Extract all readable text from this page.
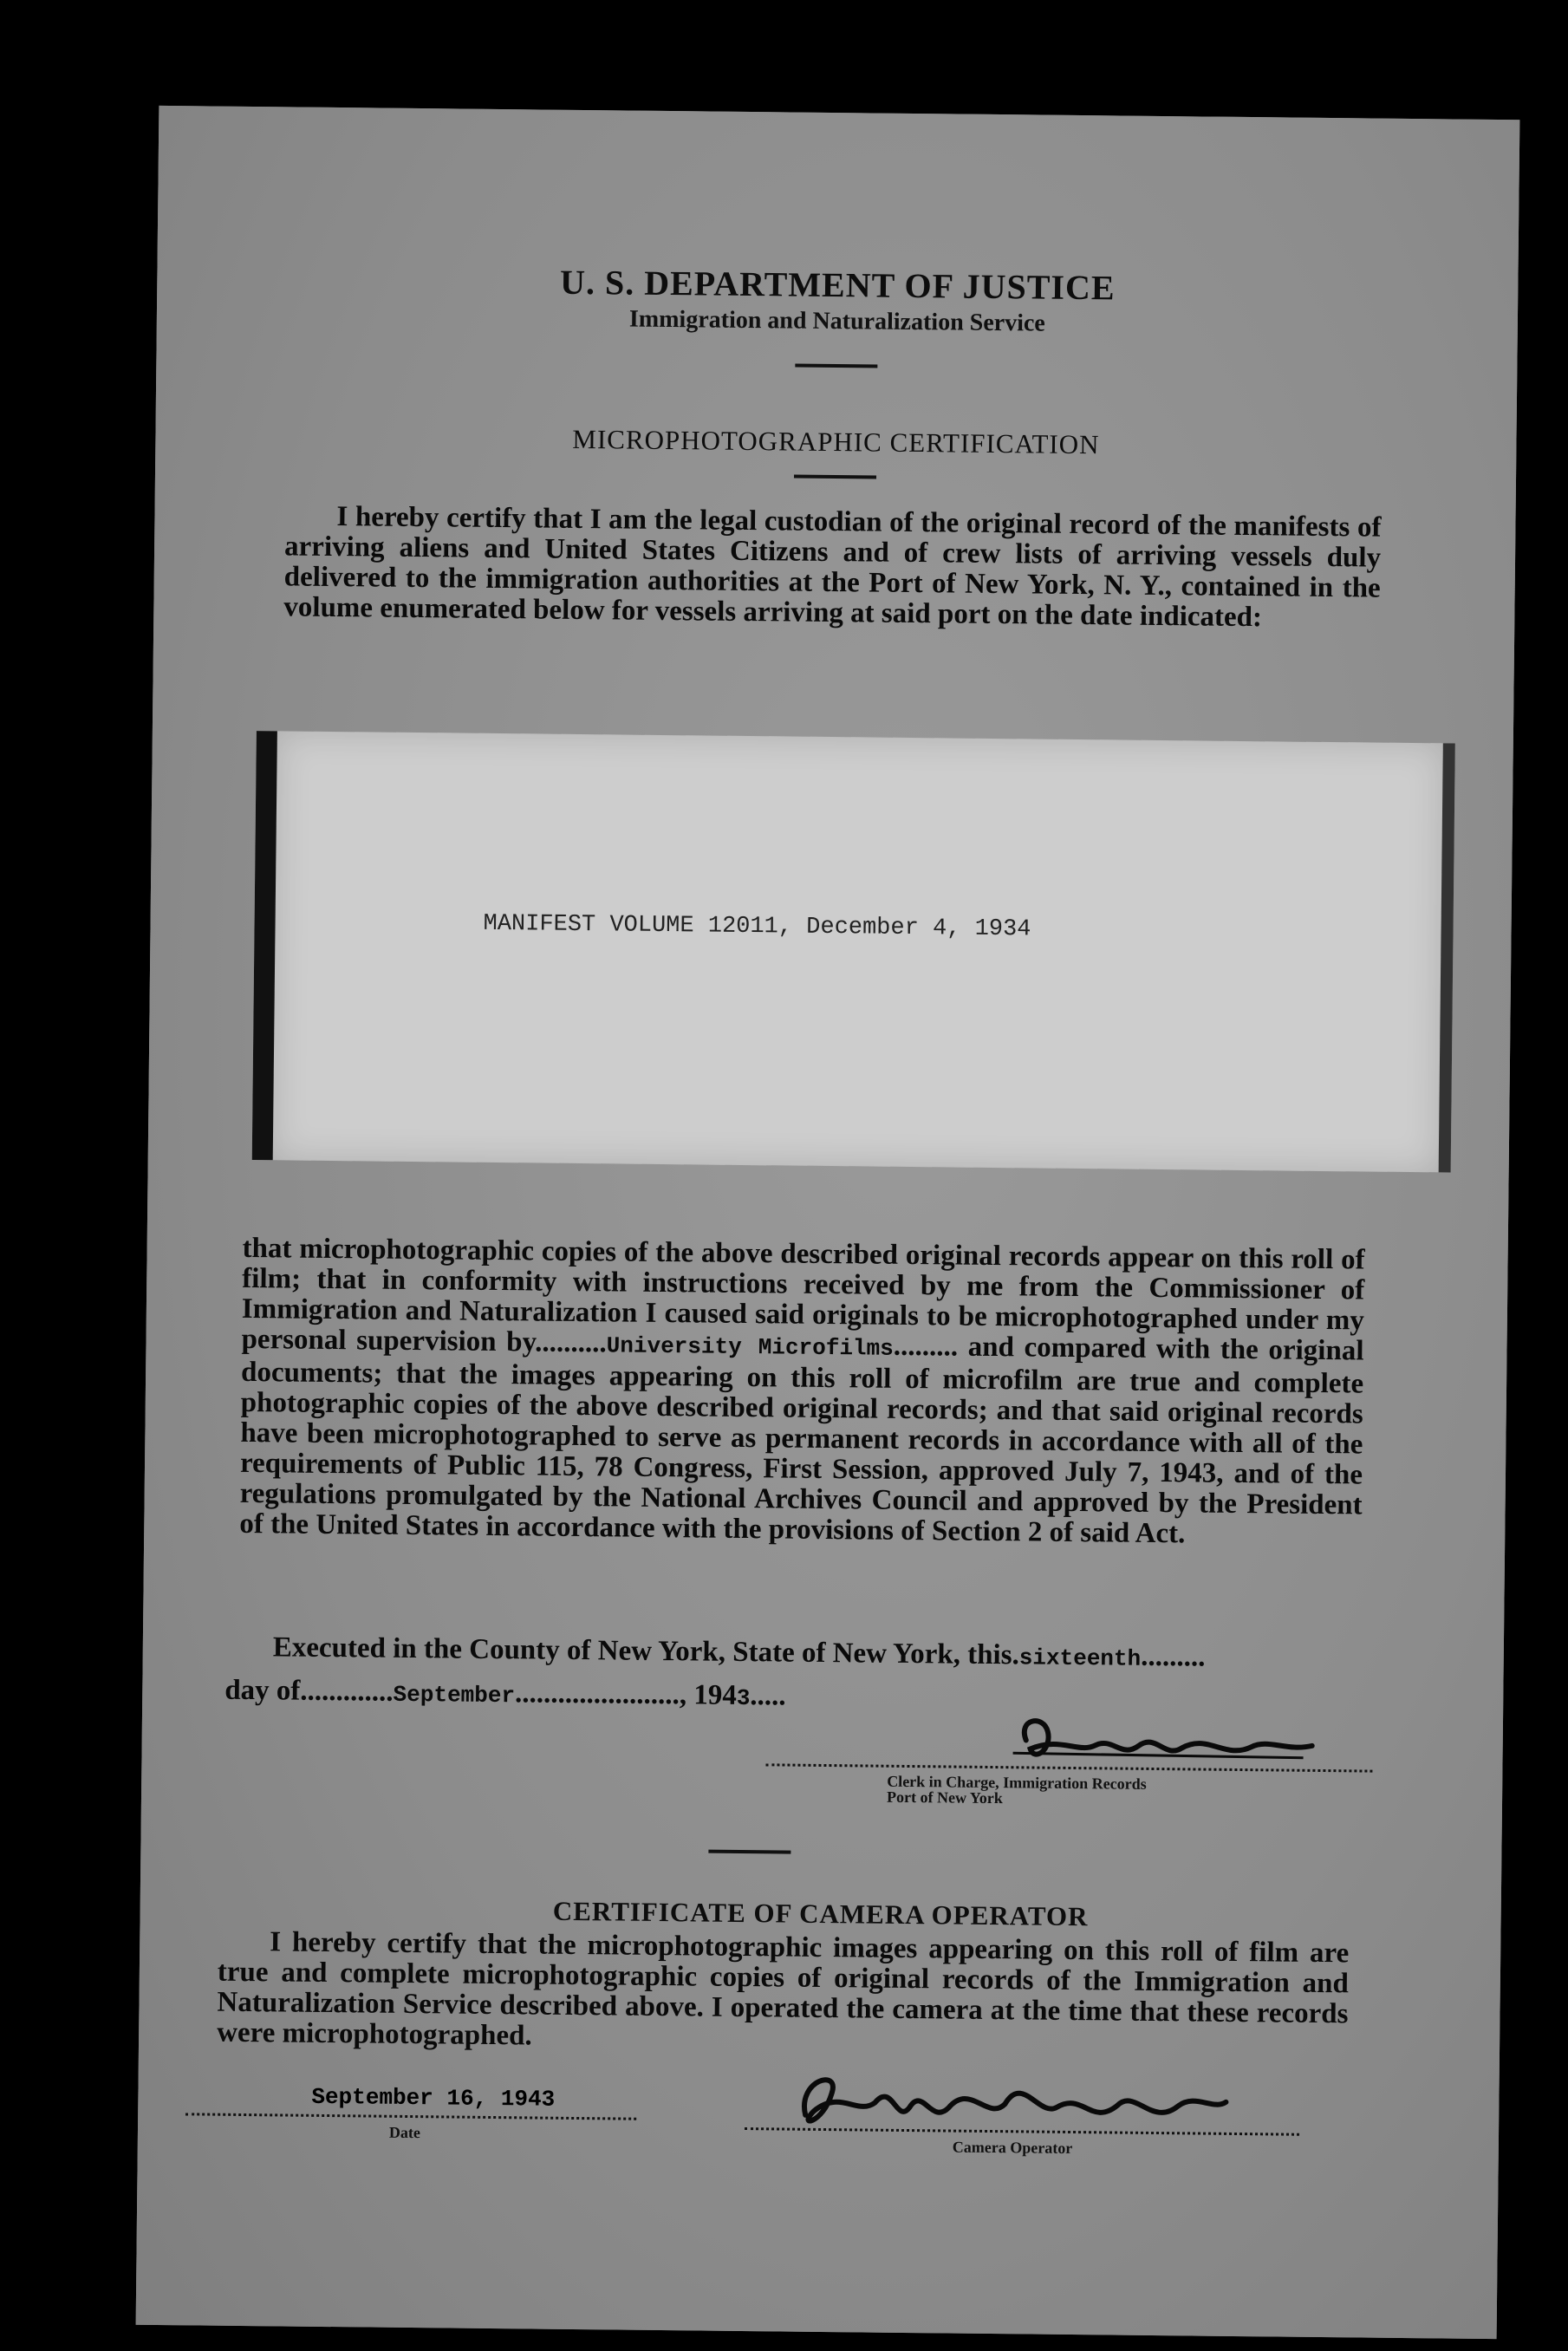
U. S. DEPARTMENT OF JUSTICE
Immigration and Naturalization Service
MICROPHOTOGRAPHIC CERTIFICATION
I hereby certify that I am the legal custodian of the original record of the manifests of arriving aliens and United States Citizens and of crew lists of arriving vessels duly delivered to the immigration authorities at the Port of New York, N. Y., contained in the volume enumerated below for vessels arriving at said port on the date indicated:
MANIFEST VOLUME 12011, December 4, 1934
that microphotographic copies of the above described original records appear on this roll of film; that in conformity with instructions received by me from the Commissioner of Immigration and Naturalization I caused said originals to be microphotographed under my personal supervision by..........University Microfilms......... and compared with the original documents; that the images appearing on this roll of microfilm are true and complete photographic copies of the above described original records; and that said original records have been microphotographed to serve as permanent records in accordance with all of the requirements of Public 115, 78 Congress, First Session, approved July 7, 1943, and of the regulations promulgated by the National Archives Council and approved by the President of the United States in accordance with the provisions of Section 2 of said Act.
Executed in the County of New York, State of New York, this.sixteenth.........
day of.............September......................., 1943.....
Clerk in Charge, Immigration Records
Port of New York
CERTIFICATE OF CAMERA OPERATOR
I hereby certify that the microphotographic images appearing on this roll of film are true and complete microphotographic copies of original records of the Immigration and Naturalization Service described above. I operated the camera at the time that these records were microphotographed.
September 16, 1943
Date
Camera Operator
